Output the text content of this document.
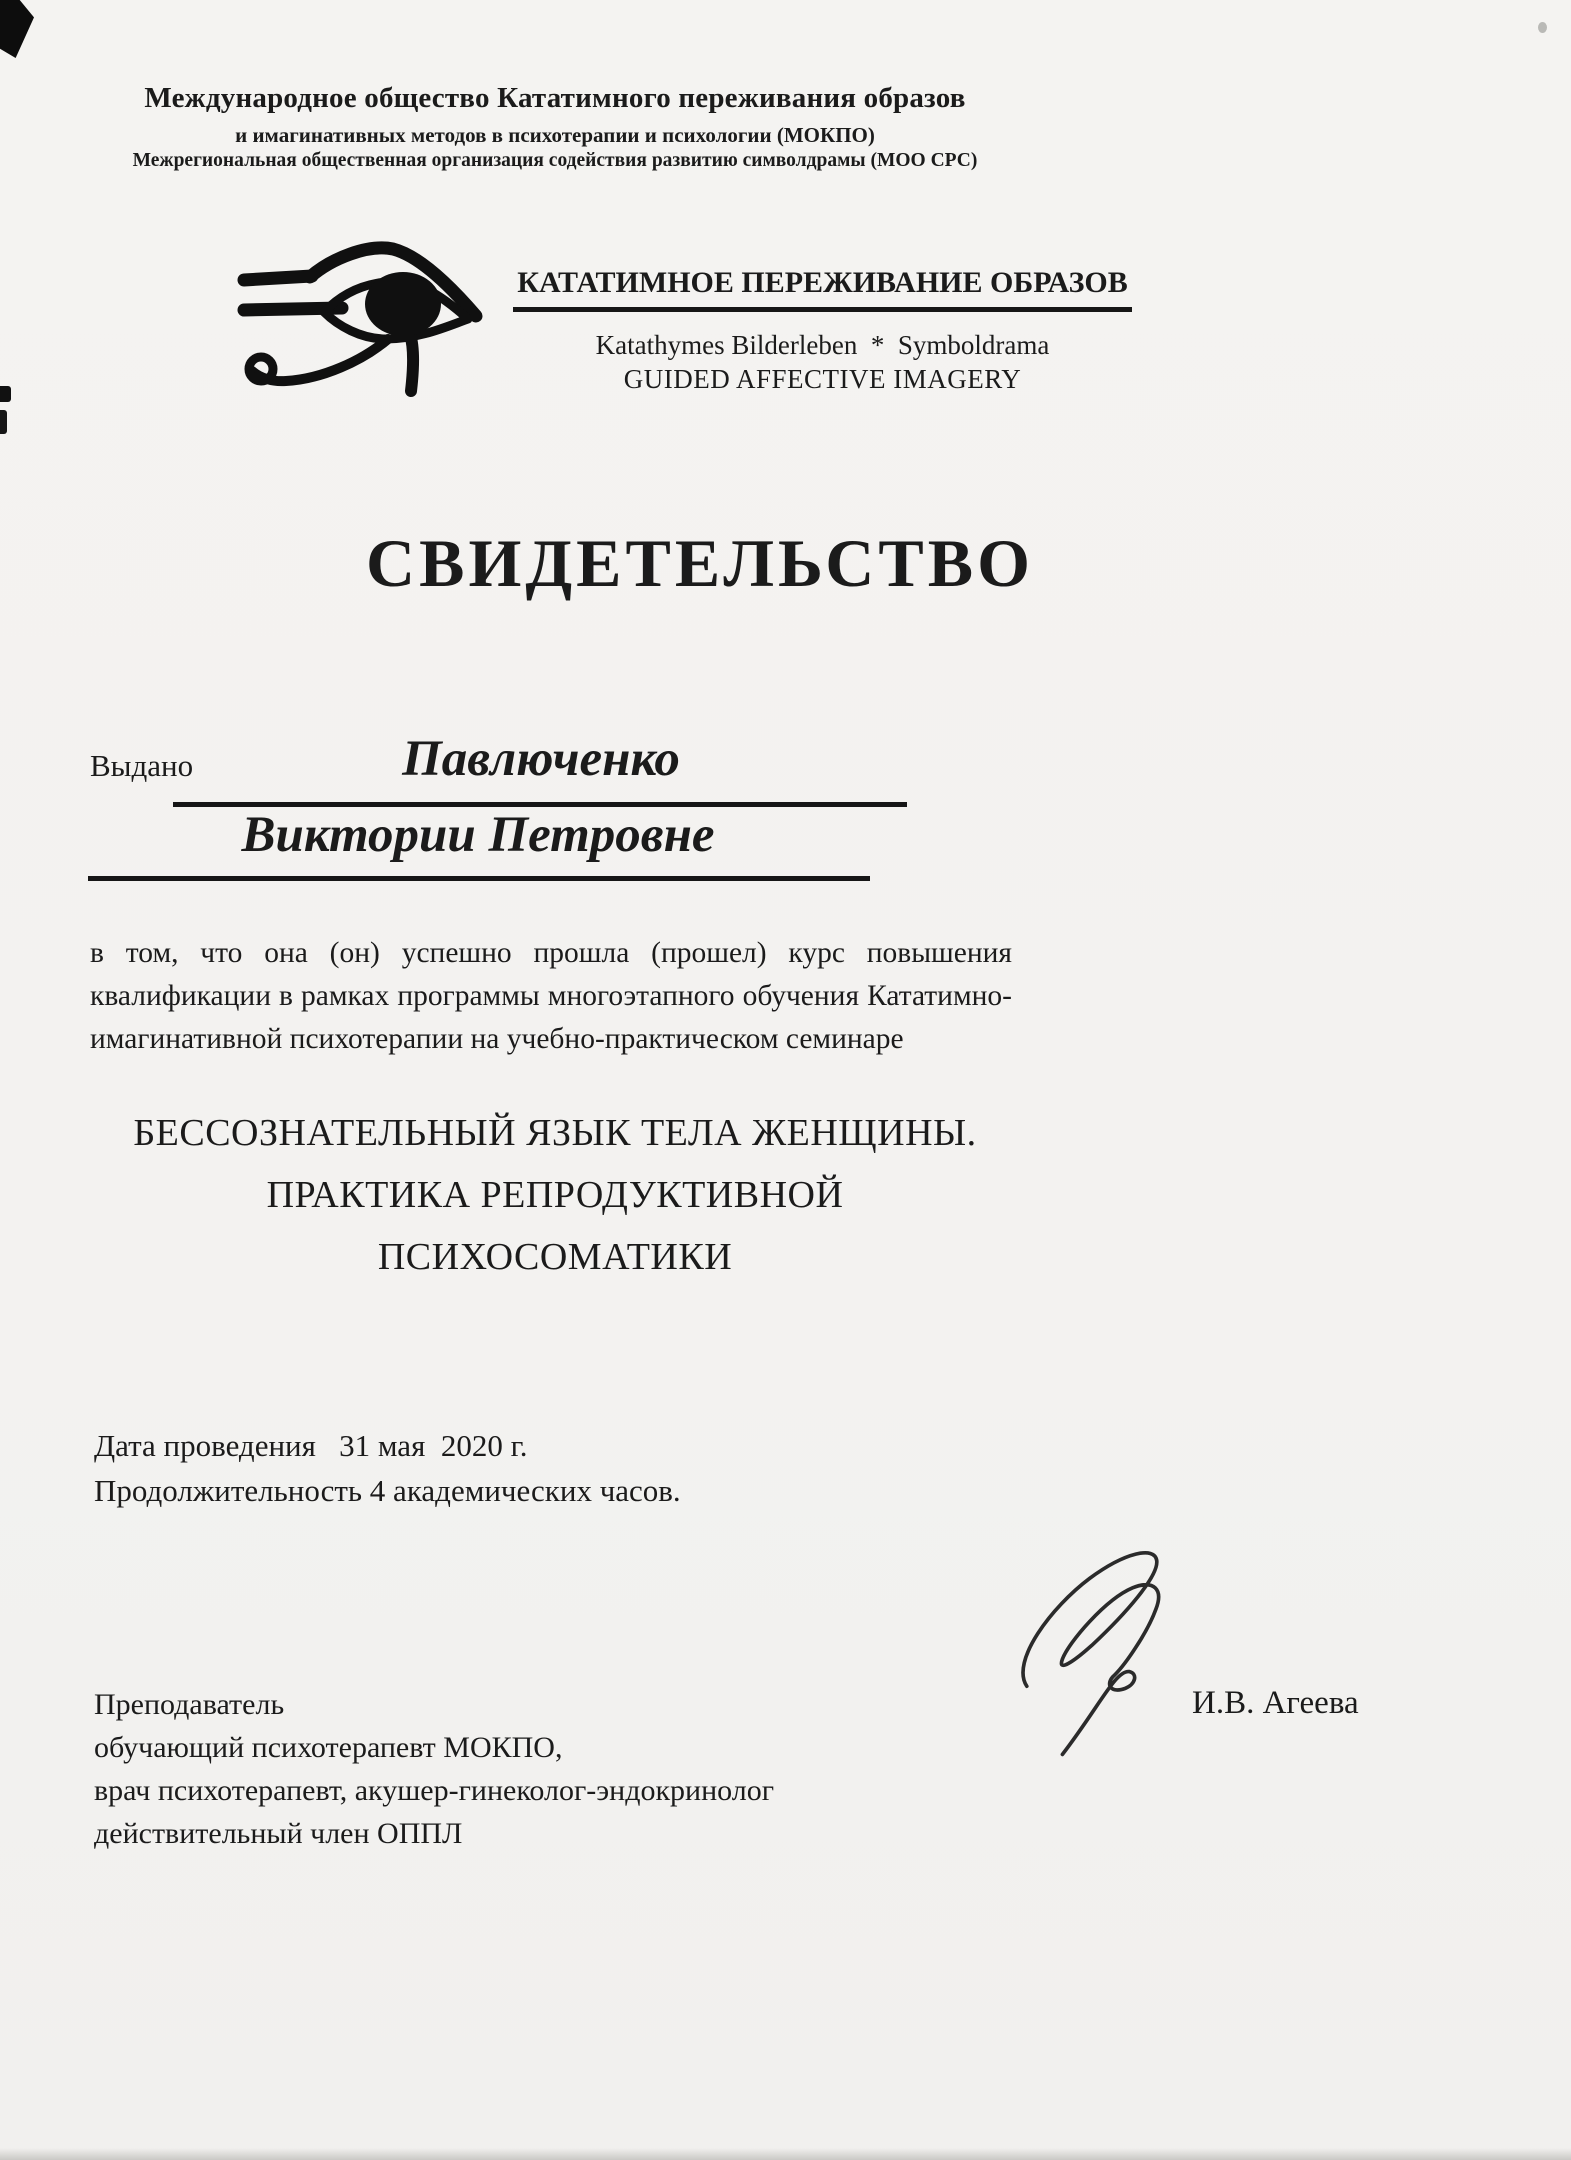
Международное общество Кататимного переживания образов
и имагинативных методов в психотерапии и психологии (МОКПО)
Межрегиональная общественная организация содействия развитию символдрамы (МОО СРС)
КАТАТИМНОЕ ПЕРЕЖИВАНИЕ ОБРАЗОВ
Katathymes Bilderleben  *  Symboldrama
GUIDED AFFECTIVE IMAGERY
СВИДЕТЕЛЬСТВО
Выдано	Павлюченко
Виктории Петровне
в том, что она (он) успешно прошла (прошел) курс повышения квалификации в рамках программы многоэтапного обучения Кататимно-имагинативной психотерапии на учебно-практическом семинаре
БЕССОЗНАТЕЛЬНЫЙ ЯЗЫК ТЕЛА ЖЕНЩИНЫ.
ПРАКТИКА РЕПРОДУКТИВНОЙ
ПСИХОСОМАТИКИ
Дата проведения   31 мая  2020 г.
Продолжительность 4 академических часов.
Преподаватель
обучающий психотерапевт МОКПО,
врач психотерапевт, акушер-гинеколог-эндокринолог
действительный член ОППЛ
И.В. Агеева
